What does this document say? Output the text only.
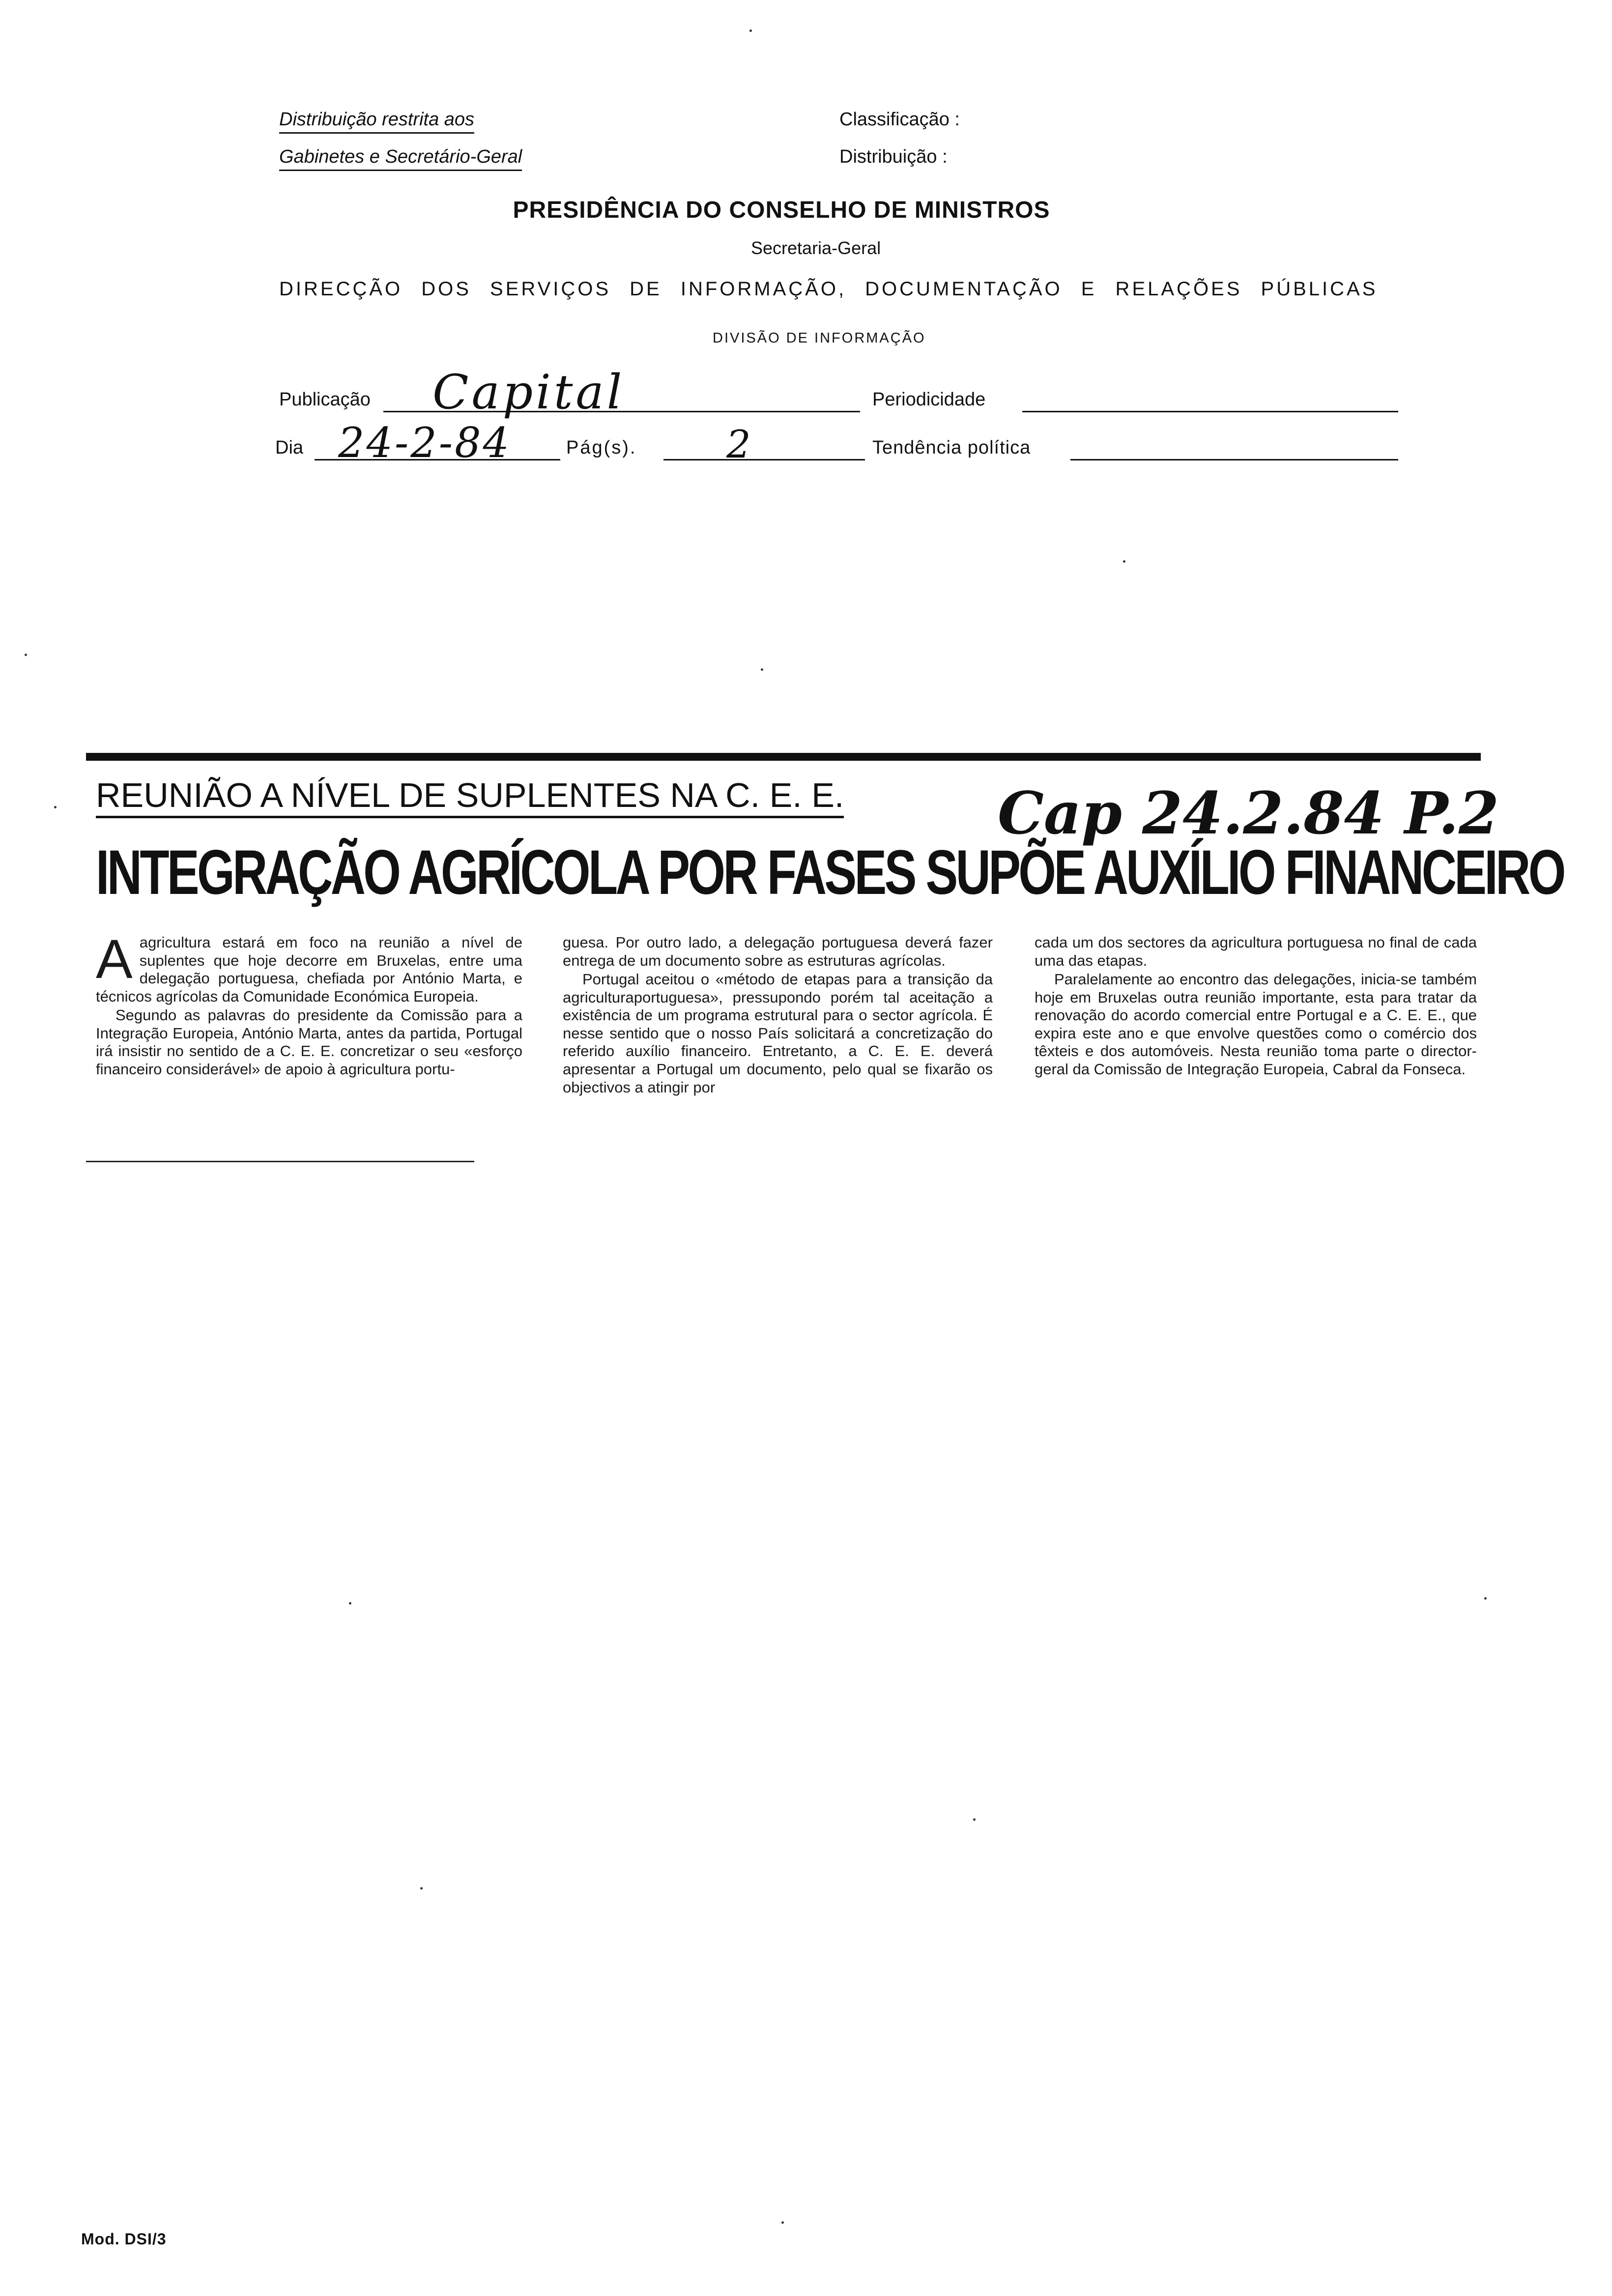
Distribuição restrita aos
Gabinetes e Secretário-Geral
Classificação :
Distribuição :
PRESIDÊNCIA DO CONSELHO DE MINISTROS
Secretaria-Geral
DIRECÇÃO DOS SERVIÇOS DE INFORMAÇÃO, DOCUMENTAÇÃO E RELAÇÕES PÚBLICAS
DIVISÃO DE INFORMAÇÃO
Publicação Capital	Periodicidade
Dia 24-2-84	Pág(s). 2	Tendência política
REUNIÃO A NÍVEL DE SUPLENTES NA C. E. E.	Cap 24.2.84 P.2
INTEGRAÇÃO AGRÍCOLA POR FASES SUPÕE AUXÍLIO FINANCEIRO
A agricultura estará em foco na reunião a nível de suplentes que hoje decorre em Bruxelas, entre uma delegação portuguesa, chefiada por António Marta, e técnicos agrícolas da Comunidade Económica Europeia.

Segundo as palavras do presidente da Comissão para a Integração Europeia, António Marta, antes da partida, Portugal irá insistir no sentido de a C. E. E. concretizar o seu «esforço financeiro considerável» de apoio à agricultura portu-

guesa. Por outro lado, a delegação portuguesa deverá fazer entrega de um documento sobre as estruturas agrícolas.

Portugal aceitou o «método de etapas para a transição da agriculturaportuguesa», pressupondo porém tal aceitação a existência de um programa estrutural para o sector agrícola. É nesse sentido que o nosso País solicitará a concretização do referido auxílio financeiro. Entretanto, a C. E. E. deverá apresentar a Portugal um documento, pelo qual se fixarão os objectivos a atingir por

cada um dos sectores da agricultura portuguesa no final de cada uma das etapas.

Paralelamente ao encontro das delegações, inicia-se também hoje em Bruxelas outra reunião importante, esta para tratar da renovação do acordo comercial entre Portugal e a C. E. E., que expira este ano e que envolve questões como o comércio dos têxteis e dos automóveis. Nesta reunião toma parte o director-geral da Comissão de Integração Europeia, Cabral da Fonseca.

Mod. DSI/3
